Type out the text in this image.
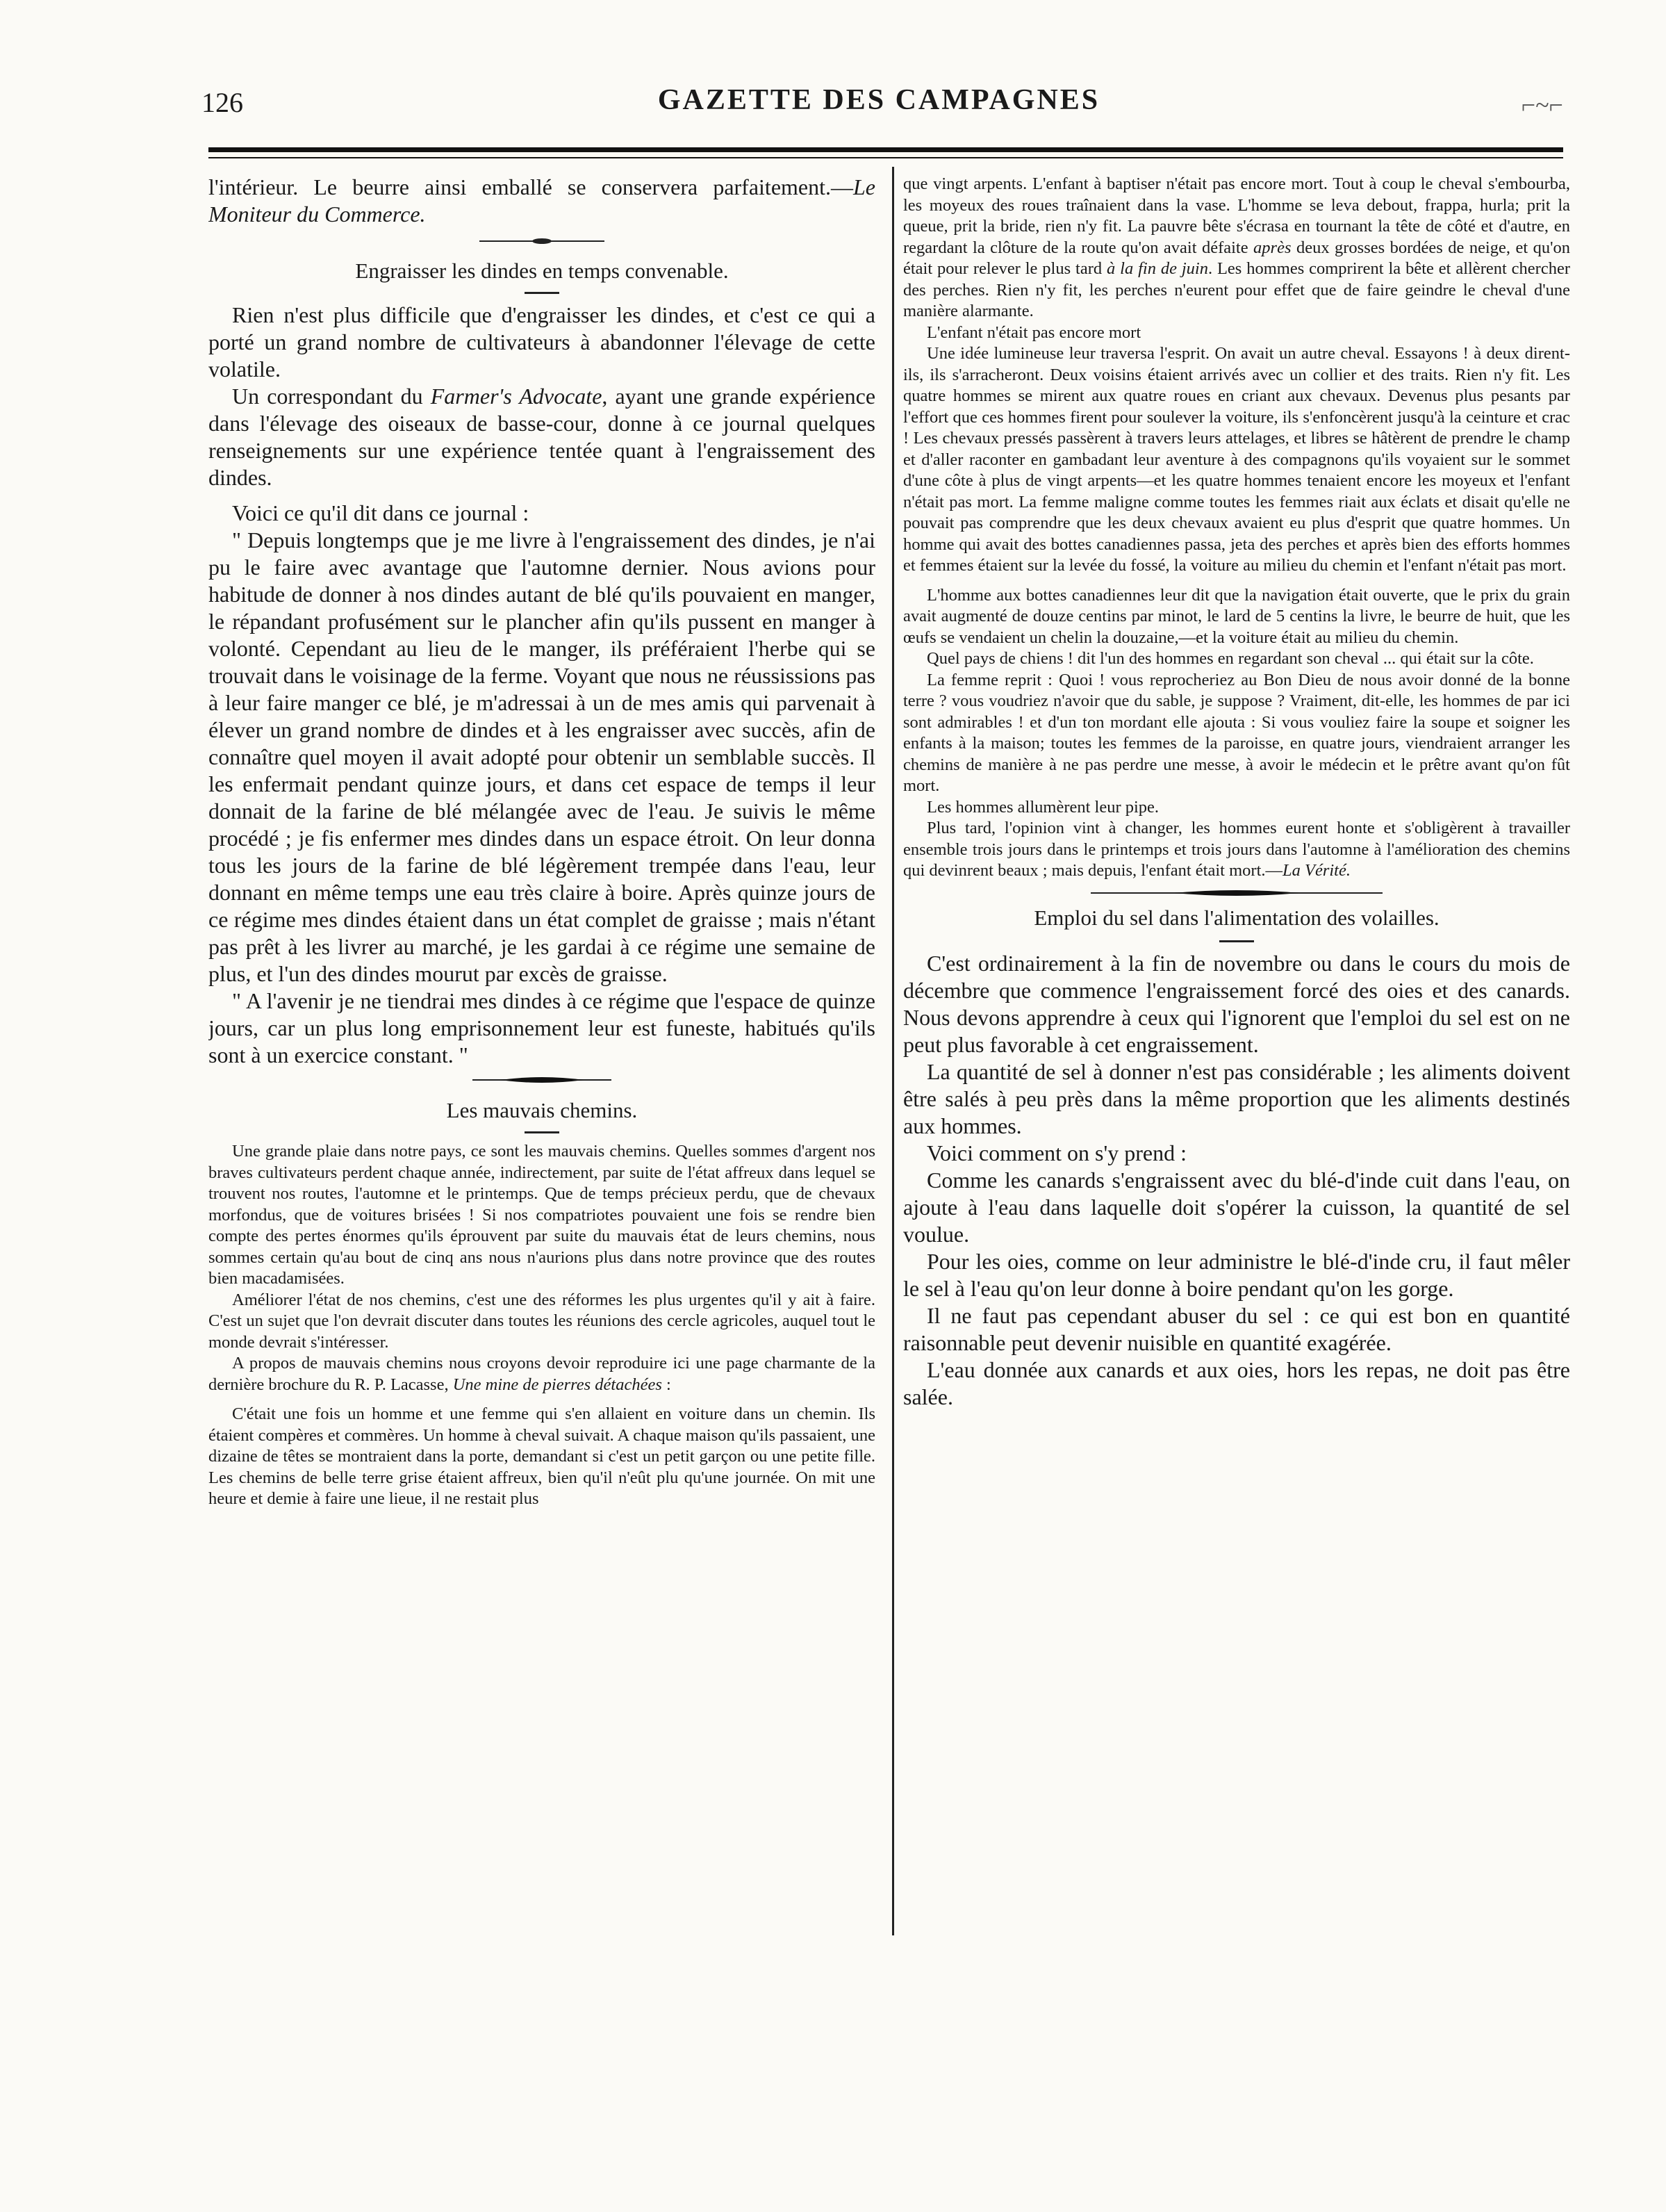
126	GAZETTE DES CAMPAGNES	⌐~⌐

l'intérieur. Le beurre ainsi emballé se conservera parfaitement.—Le Moniteur du Commerce.

Engraisser les dindes en temps convenable.

Rien n'est plus difficile que d'engraisser les dindes, et c'est ce qui a porté un grand nombre de cultivateurs à abandonner l'élevage de cette volatile.

Un correspondant du Farmer's Advocate, ayant une grande expérience dans l'élevage des oiseaux de basse-cour, donne à ce journal quelques renseignements sur une expérience tentée quant à l'engraissement des dindes.

Voici ce qu'il dit dans ce journal :

" Depuis longtemps que je me livre à l'engraissement des dindes, je n'ai pu le faire avec avantage que l'automne dernier. Nous avions pour habitude de donner à nos dindes autant de blé qu'ils pouvaient en manger, le répandant profusément sur le plancher afin qu'ils pussent en manger à volonté. Cependant au lieu de le manger, ils préféraient l'herbe qui se trouvait dans le voisinage de la ferme. Voyant que nous ne réussissions pas à leur faire manger ce blé, je m'adressai à un de mes amis qui parvenait à élever un grand nombre de dindes et à les engraisser avec succès, afin de connaître quel moyen il avait adopté pour obtenir un semblable succès. Il les enfermait pendant quinze jours, et dans cet espace de temps il leur donnait de la farine de blé mélangée avec de l'eau. Je suivis le même procédé ; je fis enfermer mes dindes dans un espace étroit. On leur donna tous les jours de la farine de blé légèrement trempée dans l'eau, leur donnant en même temps une eau très claire à boire. Après quinze jours de ce régime mes dindes étaient dans un état complet de graisse ; mais n'étant pas prêt à les livrer au marché, je les gardai à ce régime une semaine de plus, et l'un des dindes mourut par excès de graisse.

" A l'avenir je ne tiendrai mes dindes à ce régime que l'espace de quinze jours, car un plus long emprisonnement leur est funeste, habitués qu'ils sont à un exercice constant. "

Les mauvais chemins.

Une grande plaie dans notre pays, ce sont les mauvais chemins. Quelles sommes d'argent nos braves cultivateurs perdent chaque année, indirectement, par suite de l'état affreux dans lequel se trouvent nos routes, l'automne et le printemps. Que de temps précieux perdu, que de chevaux morfondus, que de voitures brisées ! Si nos compatriotes pouvaient une fois se rendre bien compte des pertes énormes qu'ils éprouvent par suite du mauvais état de leurs chemins, nous sommes certain qu'au bout de cinq ans nous n'aurions plus dans notre province que des routes bien macadamisées.

Améliorer l'état de nos chemins, c'est une des réformes les plus urgentes qu'il y ait à faire. C'est un sujet que l'on devrait discuter dans toutes les réunions des cercle agricoles, auquel tout le monde devrait s'intéresser.

A propos de mauvais chemins nous croyons devoir reproduire ici une page charmante de la dernière brochure du R. P. Lacasse, Une mine de pierres détachées :

C'était une fois un homme et une femme qui s'en allaient en voiture dans un chemin. Ils étaient compères et commères. Un homme à cheval suivait. A chaque maison qu'ils passaient, une dizaine de têtes se montraient dans la porte, demandant si c'est un petit garçon ou une petite fille. Les chemins de belle terre grise étaient affreux, bien qu'il n'eût plu qu'une journée. On mit une heure et demie à faire une lieue, il ne restait plus

que vingt arpents. L'enfant à baptiser n'était pas encore mort. Tout à coup le cheval s'embourba, les moyeux des roues traînaient dans la vase. L'homme se leva debout, frappa, hurla; prit la queue, prit la bride, rien n'y fit. La pauvre bête s'écrasa en tournant la tête de côté et d'autre, en regardant la clôture de la route qu'on avait défaite après deux grosses bordées de neige, et qu'on était pour relever le plus tard à la fin de juin. Les hommes comprirent la bête et allèrent chercher des perches. Rien n'y fit, les perches n'eurent pour effet que de faire geindre le cheval d'une manière alarmante.

L'enfant n'était pas encore mort

Une idée lumineuse leur traversa l'esprit. On avait un autre cheval. Essayons ! à deux dirent-ils, ils s'arracheront. Deux voisins étaient arrivés avec un collier et des traits. Rien n'y fit. Les quatre hommes se mirent aux quatre roues en criant aux chevaux. Devenus plus pesants par l'effort que ces hommes firent pour soulever la voiture, ils s'enfoncèrent jusqu'à la ceinture et crac ! Les chevaux pressés passèrent à travers leurs attelages, et libres se hâtèrent de prendre le champ et d'aller raconter en gambadant leur aventure à des compagnons qu'ils voyaient sur le sommet d'une côte à plus de vingt arpents—et les quatre hommes tenaient encore les moyeux et l'enfant n'était pas mort. La femme maligne comme toutes les femmes riait aux éclats et disait qu'elle ne pouvait pas comprendre que les deux chevaux avaient eu plus d'esprit que quatre hommes. Un homme qui avait des bottes canadiennes passa, jeta des perches et après bien des efforts hommes et femmes étaient sur la levée du fossé, la voiture au milieu du chemin et l'enfant n'était pas mort.

L'homme aux bottes canadiennes leur dit que la navigation était ouverte, que le prix du grain avait augmenté de douze centins par minot, le lard de 5 centins la livre, le beurre de huit, que les œufs se vendaient un chelin la douzaine,—et la voiture était au milieu du chemin.

Quel pays de chiens ! dit l'un des hommes en regardant son cheval ... qui était sur la côte.

La femme reprit : Quoi ! vous reprocheriez au Bon Dieu de nous avoir donné de la bonne terre ? vous voudriez n'avoir que du sable, je suppose ? Vraiment, dit-elle, les hommes de par ici sont admirables ! et d'un ton mordant elle ajouta : Si vous vouliez faire la soupe et soigner les enfants à la maison; toutes les femmes de la paroisse, en quatre jours, viendraient arranger les chemins de manière à ne pas perdre une messe, à avoir le médecin et le prêtre avant qu'on fût mort.

Les hommes allumèrent leur pipe.

Plus tard, l'opinion vint à changer, les hommes eurent honte et s'obligèrent à travailler ensemble trois jours dans le printemps et trois jours dans l'automne à l'amélioration des chemins qui devinrent beaux ; mais depuis, l'enfant était mort.—La Vérité.

Emploi du sel dans l'alimentation des volailles.

C'est ordinairement à la fin de novembre ou dans le cours du mois de décembre que commence l'engraissement forcé des oies et des canards. Nous devons apprendre à ceux qui l'ignorent que l'emploi du sel est on ne peut plus favorable à cet engraissement.

La quantité de sel à donner n'est pas considérable ; les aliments doivent être salés à peu près dans la même proportion que les aliments destinés aux hommes.

Voici comment on s'y prend :

Comme les canards s'engraissent avec du blé-d'inde cuit dans l'eau, on ajoute à l'eau dans laquelle doit s'opérer la cuisson, la quantité de sel voulue.

Pour les oies, comme on leur administre le blé-d'inde cru, il faut mêler le sel à l'eau qu'on leur donne à boire pendant qu'on les gorge.

Il ne faut pas cependant abuser du sel : ce qui est bon en quantité raisonnable peut devenir nuisible en quantité exagérée.

L'eau donnée aux canards et aux oies, hors les repas, ne doit pas être salée.
